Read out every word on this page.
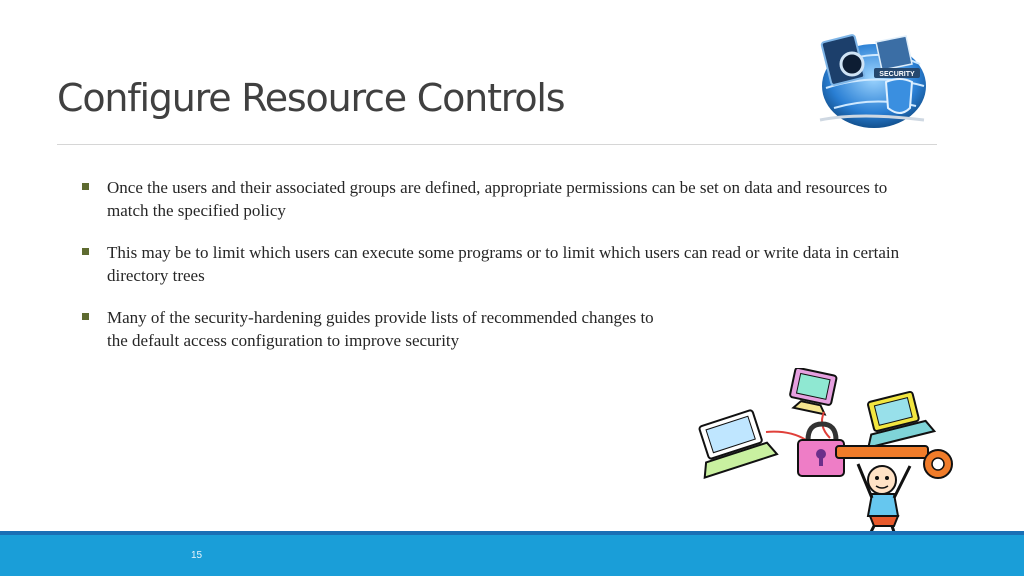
Configure Resource Controls
SECURITY
Once the users and their associated groups are defined, appropriate permissions can be set on data and resources to match the specified policy
This may be to limit which users can execute some programs or to limit which users can read or write data in certain directory trees
Many of the security-hardening guides provide lists of recommended changes to the default access configuration to improve security
15
